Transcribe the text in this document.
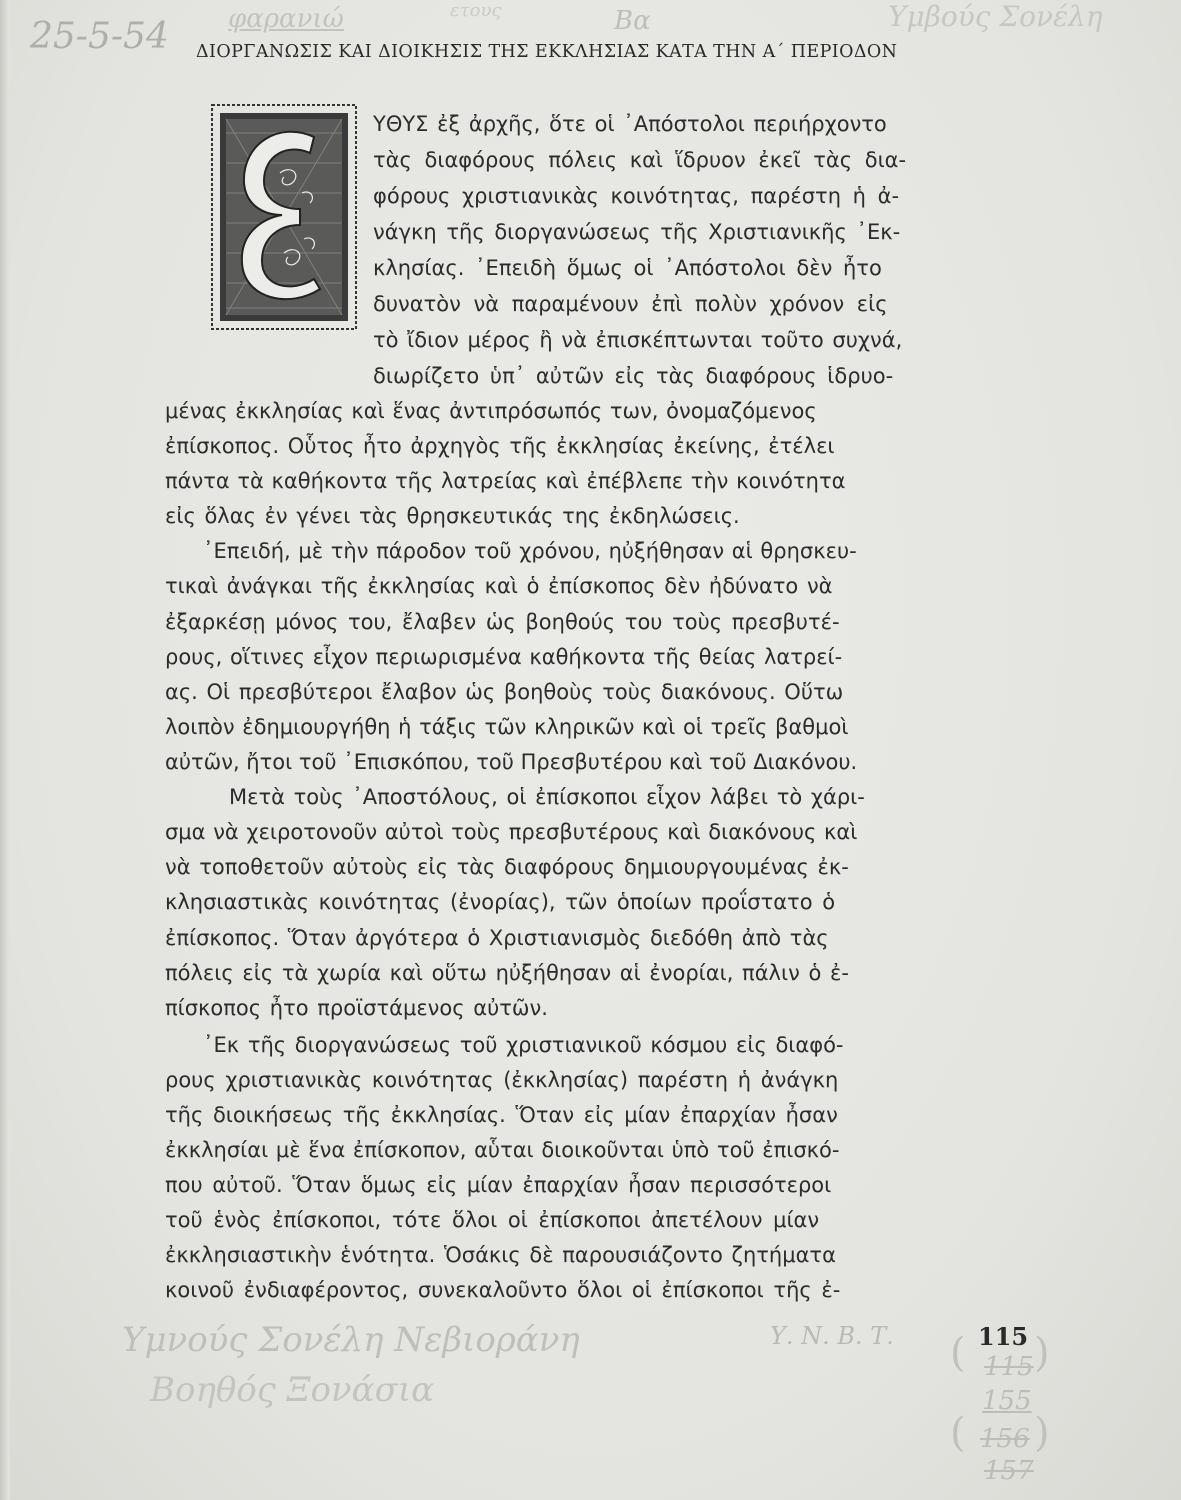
25-5-54 φαρανιώ	ετους	Βα	Υμβούς Σονέλη
Υμνούς Σονέλη Νεβιοράνη
Βοηθός Ξονάσια
Υ. Ν. Β. Τ.
ΔΙΟΡΓΑΝΩΣΙΣ ΚΑΙ ΔΙΟΙΚΗΣΙΣ ΤΗΣ ΕΚΚΛΗΣΙΑΣ ΚΑΤΑ ΤΗΝ Α΄ ΠΕΡΙΟΔΟΝ
Ε
ΥΘΥΣ ἐξ ἀρχῆς, ὅτε οἱ ᾿Απόστολοι περιήρχοντο
τὰς διαφόρους πόλεις καὶ ἵδρυον ἐκεῖ τὰς δια-
φόρους χριστιανικὰς κοινότητας, παρέστη ἡ ἀ-
νάγκη τῆς διοργανώσεως τῆς Χριστιανικῆς ᾿Εκ-
κλησίας. ᾿Επειδὴ ὅμως οἱ ᾿Απόστολοι δὲν ἦτο
δυνατὸν νὰ παραμένουν ἐπὶ πολὺν χρόνον εἰς
τὸ ἴδιον μέρος ἢ νὰ ἐπισκέπτωνται τοῦτο συχνά,
διωρίζετο ὑπ᾿ αὐτῶν εἰς τὰς διαφόρους ἱδρυο-
μένας ἐκκλησίας καὶ ἕνας ἀντιπρόσωπός των, ὀνομαζόμενος
ἐπίσκοπος. Οὗτος ἦτο ἀρχηγὸς τῆς ἐκκλησίας ἐκείνης, ἐτέλει
πάντα τὰ καθήκοντα τῆς λατρείας καὶ ἐπέβλεπε τὴν κοινότητα
εἰς ὅλας ἐν γένει τὰς θρησκευτικάς της ἐκδηλώσεις.
᾿Επειδή, μὲ τὴν πάροδον τοῦ χρόνου, ηὐξήθησαν αἱ θρησκευ-
τικαὶ ἀνάγκαι τῆς ἐκκλησίας καὶ ὁ ἐπίσκοπος δὲν ἠδύνατο νὰ
ἐξαρκέσῃ μόνος του, ἔλαβεν ὡς βοηθούς του τοὺς πρεσβυτέ-
ρους, οἵτινες εἶχον περιωρισμένα καθήκοντα τῆς θείας λατρεί-
ας. Οἱ πρεσβύτεροι ἔλαβον ὡς βοηθοὺς τοὺς διακόνους. Οὕτω
λοιπὸν ἐδημιουργήθη ἡ τάξις τῶν κληρικῶν καὶ οἱ τρεῖς βαθμοὶ
αὐτῶν, ἤτοι τοῦ ᾿Επισκόπου, τοῦ Πρεσβυτέρου καὶ τοῦ Διακόνου.
Μετὰ τοὺς ᾿Αποστόλους, οἱ ἐπίσκοποι εἶχον λάβει τὸ χάρι-
σμα νὰ χειροτονοῦν αὐτοὶ τοὺς πρεσβυτέρους καὶ διακόνους καὶ
νὰ τοποθετοῦν αὐτοὺς εἰς τὰς διαφόρους δημιουργουμένας ἐκ-
κλησιαστικὰς κοινότητας (ἐνορίας), τῶν ὁποίων προΐστατο ὁ
ἐπίσκοπος. Ὅταν ἀργότερα ὁ Χριστιανισμὸς διεδόθη ἀπὸ τὰς
πόλεις εἰς τὰ χωρία καὶ οὕτω ηὐξήθησαν αἱ ἐνορίαι, πάλιν ὁ ἐ-
πίσκοπος ἦτο προϊστάμενος αὐτῶν.
᾿Εκ τῆς διοργανώσεως τοῦ χριστιανικοῦ κόσμου εἰς διαφό-
ρους χριστιανικὰς κοινότητας (ἐκκλησίας) παρέστη ἡ ἀνάγκη
τῆς διοικήσεως τῆς ἐκκλησίας. Ὅταν εἰς μίαν ἐπαρχίαν ἦσαν
ἐκκλησίαι μὲ ἕνα ἐπίσκοπον, αὗται διοικοῦνται ὑπὸ τοῦ ἐπισκό-
που αὐτοῦ. Ὅταν ὅμως εἰς μίαν ἐπαρχίαν ἦσαν περισσότεροι
τοῦ ἑνὸς ἐπίσκοποι, τότε ὅλοι οἱ ἐπίσκοποι ἀπετέλουν μίαν
ἐκκλησιαστικὴν ἑνότητα. Ὁσάκις δὲ παρουσιάζοντο ζητήματα
κοινοῦ ἐνδιαφέροντος, συνεκαλοῦντο ὅλοι οἱ ἐπίσκοποι τῆς ἐ-
115
115
155
156
157
( )
( )
